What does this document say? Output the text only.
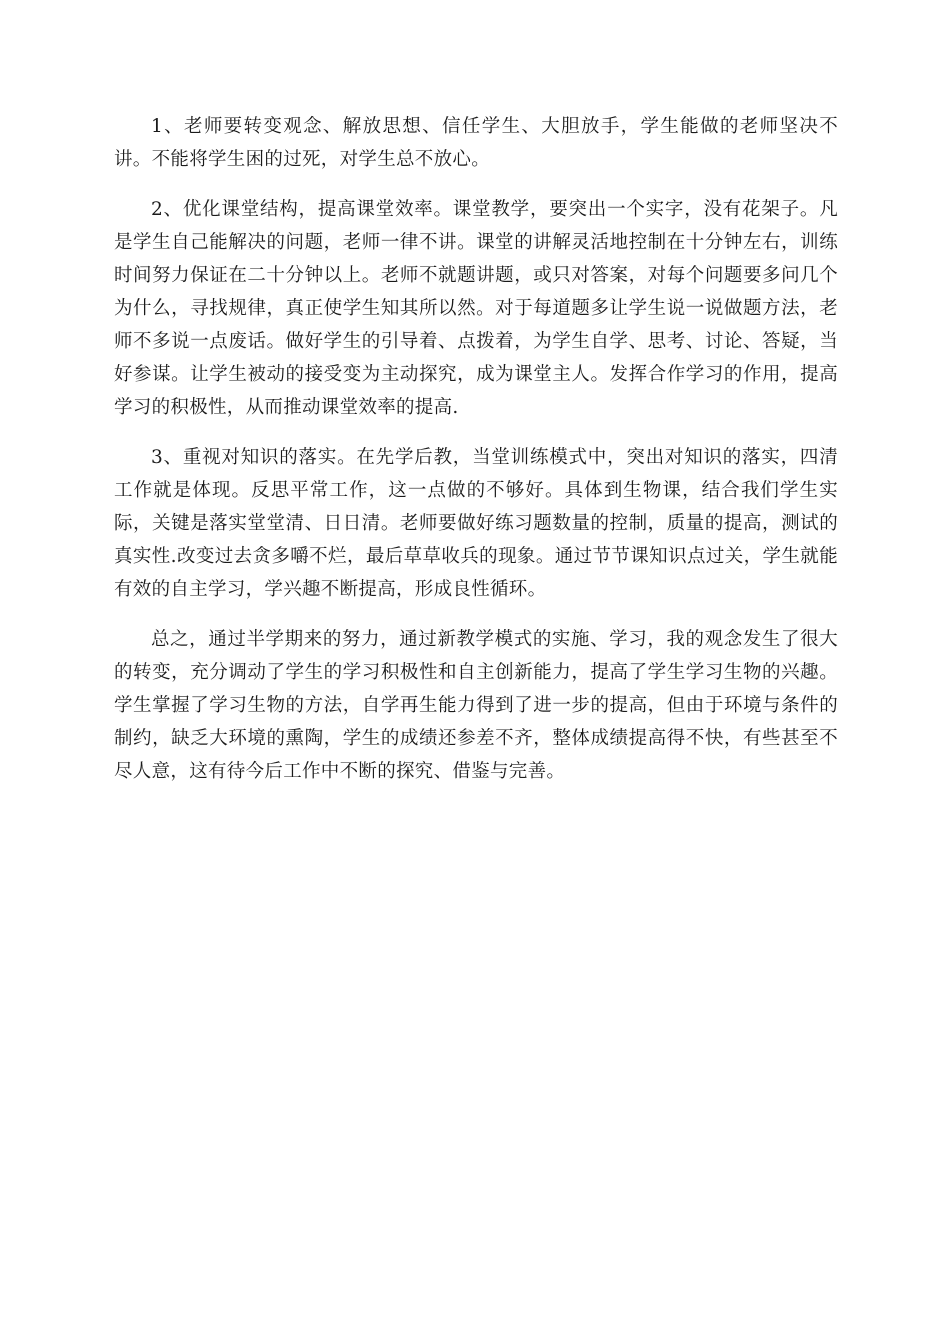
1、老师要转变观念、解放思想、信任学生、大胆放手，学生能做的老师坚决不讲。不能将学生困的过死，对学生总不放心。

2、优化课堂结构，提高课堂效率。课堂教学，要突出一个实字，没有花架子。凡是学生自己能解决的问题，老师一律不讲。课堂的讲解灵活地控制在十分钟左右，训练时间努力保证在二十分钟以上。老师不就题讲题，或只对答案，对每个问题要多问几个为什么，寻找规律，真正使学生知其所以然。对于每道题多让学生说一说做题方法，老师不多说一点废话。做好学生的引导着、点拨着，为学生自学、思考、讨论、答疑，当好参谋。让学生被动的接受变为主动探究，成为课堂主人。发挥合作学习的作用，提高学习的积极性，从而推动课堂效率的提高.

3、重视对知识的落实。在先学后教，当堂训练模式中，突出对知识的落实，四清工作就是体现。反思平常工作，这一点做的不够好。具体到生物课，结合我们学生实际，关键是落实堂堂清、日日清。老师要做好练习题数量的控制，质量的提高，测试的真实性.改变过去贪多嚼不烂，最后草草收兵的现象。通过节节课知识点过关，学生就能有效的自主学习，学兴趣不断提高，形成良性循环。

总之，通过半学期来的努力，通过新教学模式的实施、学习，我的观念发生了很大的转变，充分调动了学生的学习积极性和自主创新能力，提高了学生学习生物的兴趣。学生掌握了学习生物的方法，自学再生能力得到了进一步的提高，但由于环境与条件的制约，缺乏大环境的熏陶，学生的成绩还参差不齐，整体成绩提高得不快，有些甚至不尽人意，这有待今后工作中不断的探究、借鉴与完善。
